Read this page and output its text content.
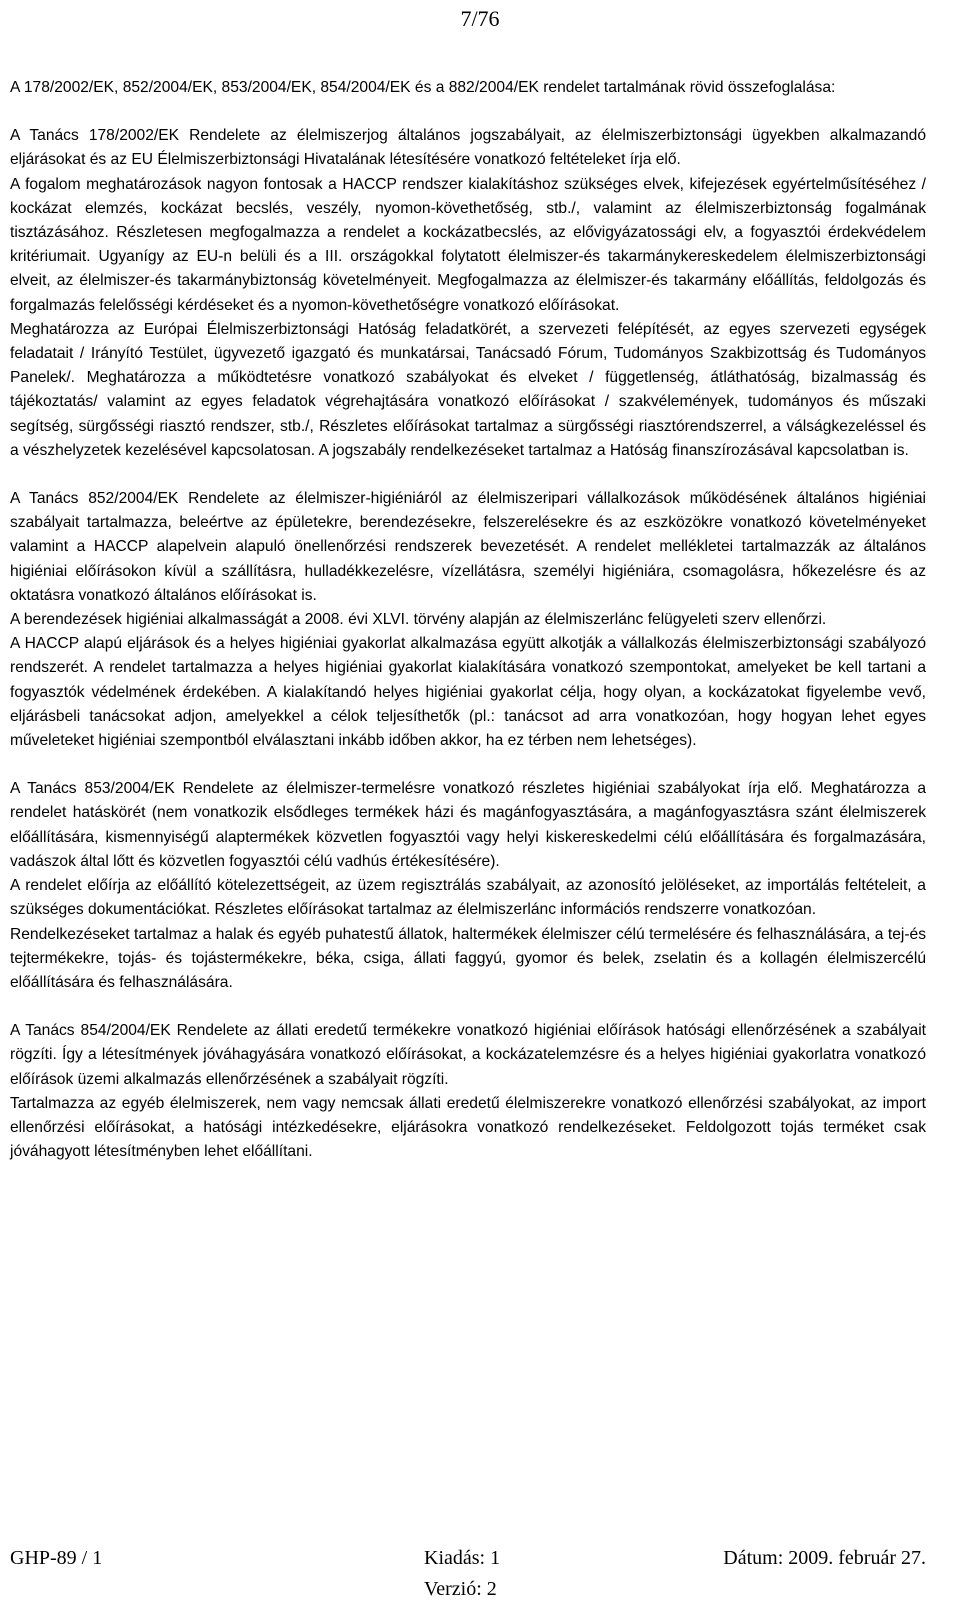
7/76

A 178/2002/EK, 852/2004/EK, 853/2004/EK, 854/2004/EK és a 882/2004/EK rendelet tartalmának rövid összefoglalása:

A Tanács 178/2002/EK Rendelete az élelmiszerjog általános jogszabályait, az élelmiszerbiztonsági ügyekben alkalmazandó eljárásokat és az EU Élelmiszerbiztonsági Hivatalának létesítésére vonatkozó feltételeket írja elő.

A fogalom meghatározások nagyon fontosak a HACCP rendszer kialakításhoz szükséges elvek, kifejezések egyértelműsítéséhez / kockázat elemzés, kockázat becslés, veszély, nyomon-követhetőség, stb./, valamint az élelmiszerbiztonság fogalmának tisztázásához. Részletesen megfogalmazza a rendelet a kockázatbecslés, az elővigyázatossági elv, a fogyasztói érdekvédelem kritériumait. Ugyanígy az EU-n belüli és a III. országokkal folytatott élelmiszer-és takarmánykereskedelem élelmiszerbiztonsági elveit, az élelmiszer-és takarmánybiztonság követelményeit. Megfogalmazza az élelmiszer-és takarmány előállítás, feldolgozás és forgalmazás felelősségi kérdéseket és a nyomon-követhetőségre vonatkozó előírásokat.

Meghatározza az Európai Élelmiszerbiztonsági Hatóság feladatkörét, a szervezeti felépítését, az egyes szervezeti egységek feladatait / Irányító Testület, ügyvezető igazgató és munkatársai, Tanácsadó Fórum, Tudományos Szakbizottság és Tudományos Panelek/. Meghatározza a működtetésre vonatkozó szabályokat és elveket / függetlenség, átláthatóság, bizalmasság és tájékoztatás/ valamint az egyes feladatok végrehajtására vonatkozó előírásokat / szakvélemények, tudományos és műszaki segítség, sürgősségi riasztó rendszer, stb./, Részletes előírásokat tartalmaz a sürgősségi riasztórendszerrel, a válságkezeléssel és a vészhelyzetek kezelésével kapcsolatosan. A jogszabály rendelkezéseket tartalmaz a Hatóság finanszírozásával kapcsolatban is.

A Tanács 852/2004/EK Rendelete az élelmiszer-higiéniáról az élelmiszeripari vállalkozások működésének általános higiéniai szabályait tartalmazza, beleértve az épületekre, berendezésekre, felszerelésekre és az eszközökre vonatkozó követelményeket valamint a HACCP alapelvein alapuló önellenőrzési rendszerek bevezetését. A rendelet mellékletei tartalmazzák az általános higiéniai előírásokon kívül a szállításra, hulladékkezelésre, vízellátásra, személyi higiéniára, csomagolásra, hőkezelésre és az oktatásra vonatkozó általános előírásokat is.

A berendezések higiéniai alkalmasságát a 2008. évi XLVI. törvény alapján az élelmiszerlánc felügyeleti szerv ellenőrzi.

A HACCP alapú eljárások és a helyes higiéniai gyakorlat alkalmazása együtt alkotják a vállalkozás élelmiszerbiztonsági szabályozó rendszerét. A rendelet tartalmazza a helyes higiéniai gyakorlat kialakítására vonatkozó szempontokat, amelyeket be kell tartani a fogyasztók védelmének érdekében. A kialakítandó helyes higiéniai gyakorlat célja, hogy olyan, a kockázatokat figyelembe vevő, eljárásbeli tanácsokat adjon, amelyekkel a célok teljesíthetők (pl.: tanácsot ad arra vonatkozóan, hogy hogyan lehet egyes műveleteket higiéniai szempontból elválasztani inkább időben akkor, ha ez térben nem lehetséges).

A Tanács 853/2004/EK Rendelete az élelmiszer-termelésre vonatkozó részletes higiéniai szabályokat írja elő. Meghatározza a rendelet hatáskörét (nem vonatkozik elsődleges termékek házi és magánfogyasztására, a magánfogyasztásra szánt élelmiszerek előállítására, kismennyiségű alaptermékek közvetlen fogyasztói vagy helyi kiskereskedelmi célú előállítására és forgalmazására, vadászok által lőtt és közvetlen fogyasztói célú vadhús értékesítésére).

A rendelet előírja az előállító kötelezettségeit, az üzem regisztrálás szabályait, az azonosító jelöléseket, az importálás feltételeit, a szükséges dokumentációkat. Részletes előírásokat tartalmaz az élelmiszerlánc információs rendszerre vonatkozóan.

Rendelkezéseket tartalmaz a halak és egyéb puhatestű állatok, haltermékek élelmiszer célú termelésére és felhasználására, a tej-és tejtermékekre, tojás- és tojástermékekre, béka, csiga, állati faggyú, gyomor és belek, zselatin és a kollagén élelmiszercélú előállítására és felhasználására.

A Tanács 854/2004/EK Rendelete az állati eredetű termékekre vonatkozó higiéniai előírások hatósági ellenőrzésének a szabályait rögzíti. Így a létesítmények jóváhagyására vonatkozó előírásokat, a kockázatelemzésre és a helyes higiéniai gyakorlatra vonatkozó előírások üzemi alkalmazás ellenőrzésének a szabályait rögzíti.

Tartalmazza az egyéb élelmiszerek, nem vagy nemcsak állati eredetű élelmiszerekre vonatkozó ellenőrzési szabályokat, az import ellenőrzési előírásokat, a hatósági intézkedésekre, eljárásokra vonatkozó rendelkezéseket. Feldolgozott tojás terméket csak jóváhagyott létesítményben lehet előállítani.

GHP-89 / 1	Kiadás: 1	Dátum: 2009. február 27.
Verzió: 2
